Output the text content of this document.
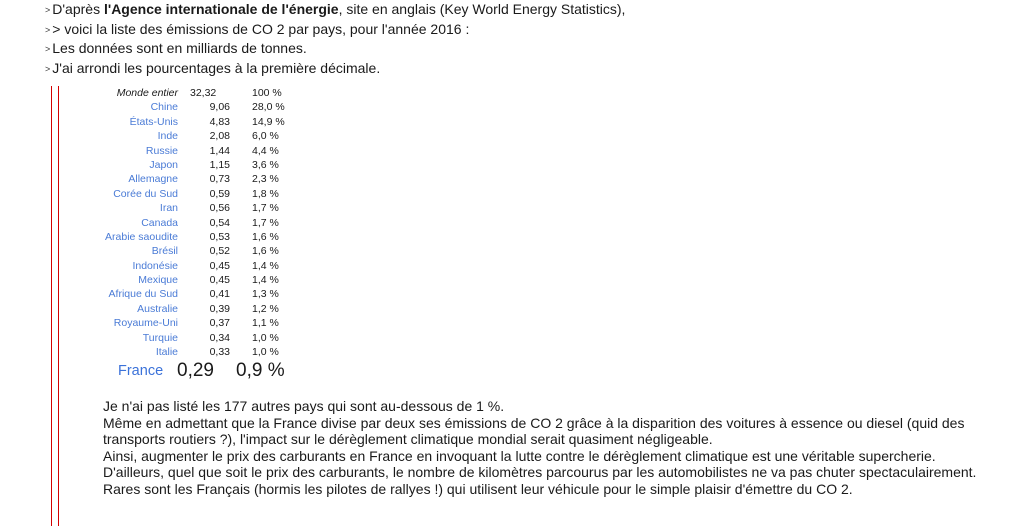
> D'après l'Agence internationale de l'énergie, site en anglais (Key World Energy Statistics),
> > voici la liste des émissions de CO 2 par pays, pour l'année 2016 :
> Les données sont en milliards de tonnes.
> J'ai arrondi les pourcentages à la première décimale.
Monde entier	32,32	100 %
Chine	9,06	28,0 %
États-Unis	4,83	14,9 %
Inde	2,08	6,0 %
Russie	1,44	4,4 %
Japon	1,15	3,6 %
Allemagne	0,73	2,3 %
Corée du Sud	0,59	1,8 %
Iran	0,56	1,7 %
Canada	0,54	1,7 %
Arabie saoudite	0,53	1,6 %
Brésil	0,52	1,6 %
Indonésie	0,45	1,4 %
Mexique	0,45	1,4 %
Afrique du Sud	0,41	1,3 %
Australie	0,39	1,2 %
Royaume-Uni	0,37	1,1 %
Turquie	0,34	1,0 %
Italie	0,33	1,0 %
France 0,29 0,9 %

Je n'ai pas listé les 177 autres pays qui sont au-dessous de 1 %.

Même en admettant que la France divise par deux ses émissions de CO 2 grâce à la disparition des voitures à essence ou diesel (quid des transports routiers ?), l'impact sur le dérèglement climatique mondial serait quasiment négligeable.

Ainsi, augmenter le prix des carburants en France en invoquant la lutte contre le dérèglement climatique est une véritable supercherie.

D'ailleurs, quel que soit le prix des carburants, le nombre de kilomètres parcourus par les automobilistes ne va pas chuter spectaculairement. Rares sont les Français (hormis les pilotes de rallyes !) qui utilisent leur véhicule pour le simple plaisir d'émettre du CO 2.
